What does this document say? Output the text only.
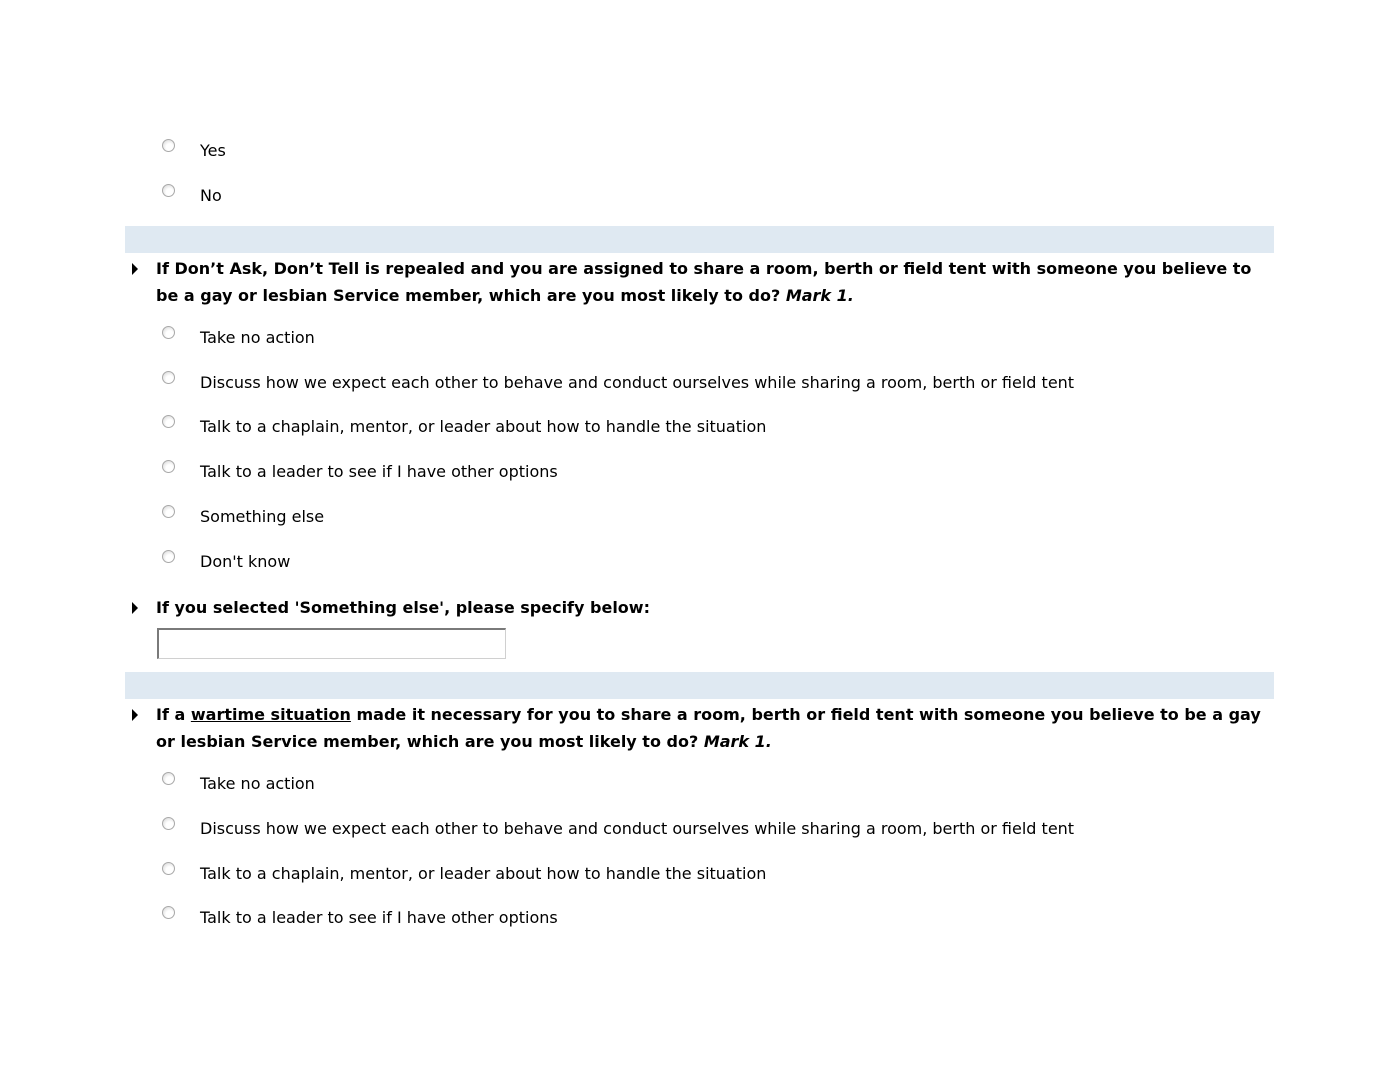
Yes
No
If Don’t Ask, Don’t Tell is repealed and you are assigned to share a room, berth or field tent with someone you believe to be a gay or lesbian Service member, which are you most likely to do? Mark 1.
Take no action
Discuss how we expect each other to behave and conduct ourselves while sharing a room, berth or field tent
Talk to a chaplain, mentor, or leader about how to handle the situation
Talk to a leader to see if I have other options
Something else
Don't know
If you selected 'Something else', please specify below:
If a wartime situation made it necessary for you to share a room, berth or field tent with someone you believe to be a gay or lesbian Service member, which are you most likely to do? Mark 1.
Take no action
Discuss how we expect each other to behave and conduct ourselves while sharing a room, berth or field tent
Talk to a chaplain, mentor, or leader about how to handle the situation
Talk to a leader to see if I have other options
